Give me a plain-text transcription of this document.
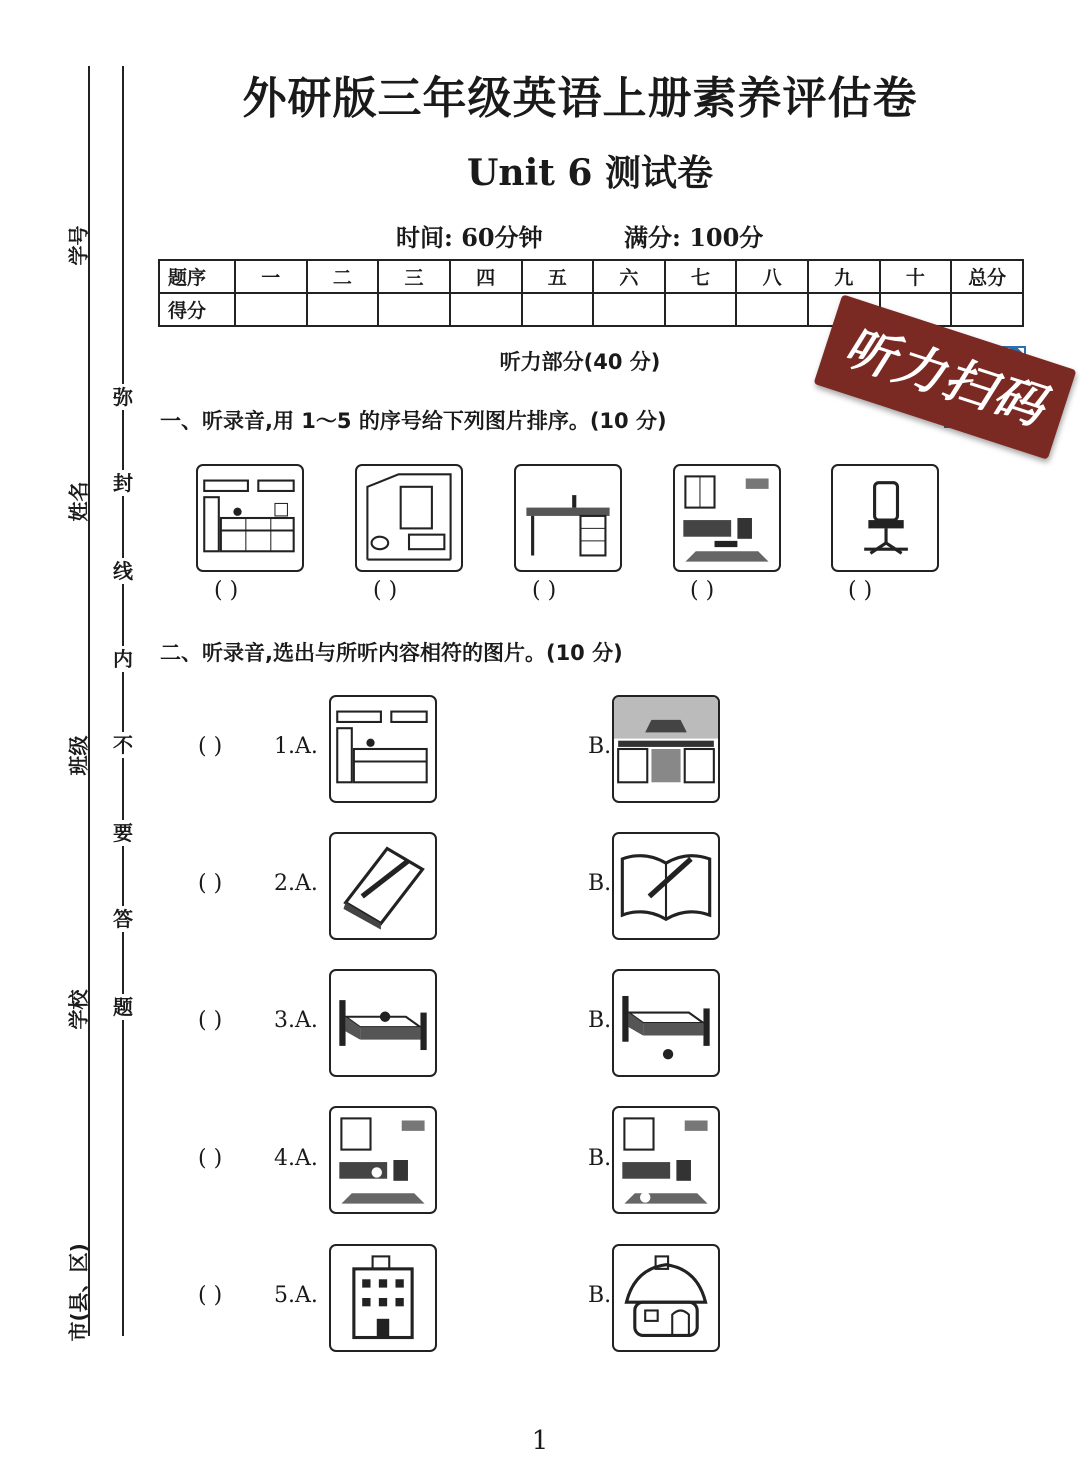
学号
姓名
班级
学校
市(县、区)
弥
封
线
内
不
要
答
题
外研版三年级英语上册素养评估卷
Unit 6 测试卷
时间: 60分钟	满分: 100分
题序	一	二	三	四	五	六	七	八	九	十	总分
得分											
听力部分(40 分)	听力扫码
一、听录音,用 1～5 的序号给下列图片排序。(10 分)
( )	( )	( )	( )	( )
二、听录音,选出与所听内容相符的图片。(10 分)
( ) 1.A.	B.
( ) 2.A.	B.
( ) 3.A.	B.
( ) 4.A.	B.
( ) 5.A.	B.
1
